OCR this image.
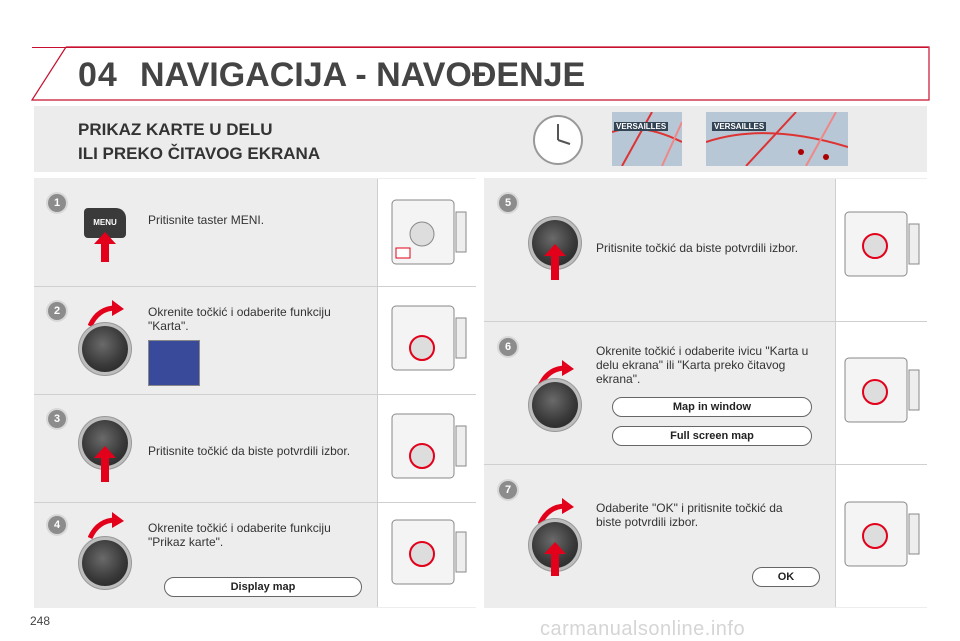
04 NAVIGACIJA - NAVOĐENJE
PRIKAZ KARTE U DELU
ILI PREKO ČITAVOG EKRANA
VERSAILLES	VERSAILLES
1
MENU	Pritisnite taster MENI.
2	Okrenite točkić i odaberite funkciju "Karta".
3
Pritisnite točkić da biste potvrdili izbor.
4	Okrenite točkić i odaberite funkciju "Prikaz karte".
Display map
5
Pritisnite točkić da biste potvrdili izbor.
6	Okrenite točkić i odaberite ivicu "Karta u delu ekrana" ili "Karta preko čitavog ekrana".
Map in window
Full screen map
7
Odaberite "OK" i pritisnite točkić da biste potvrdili izbor.
OK
248	carmanualsonline.info
